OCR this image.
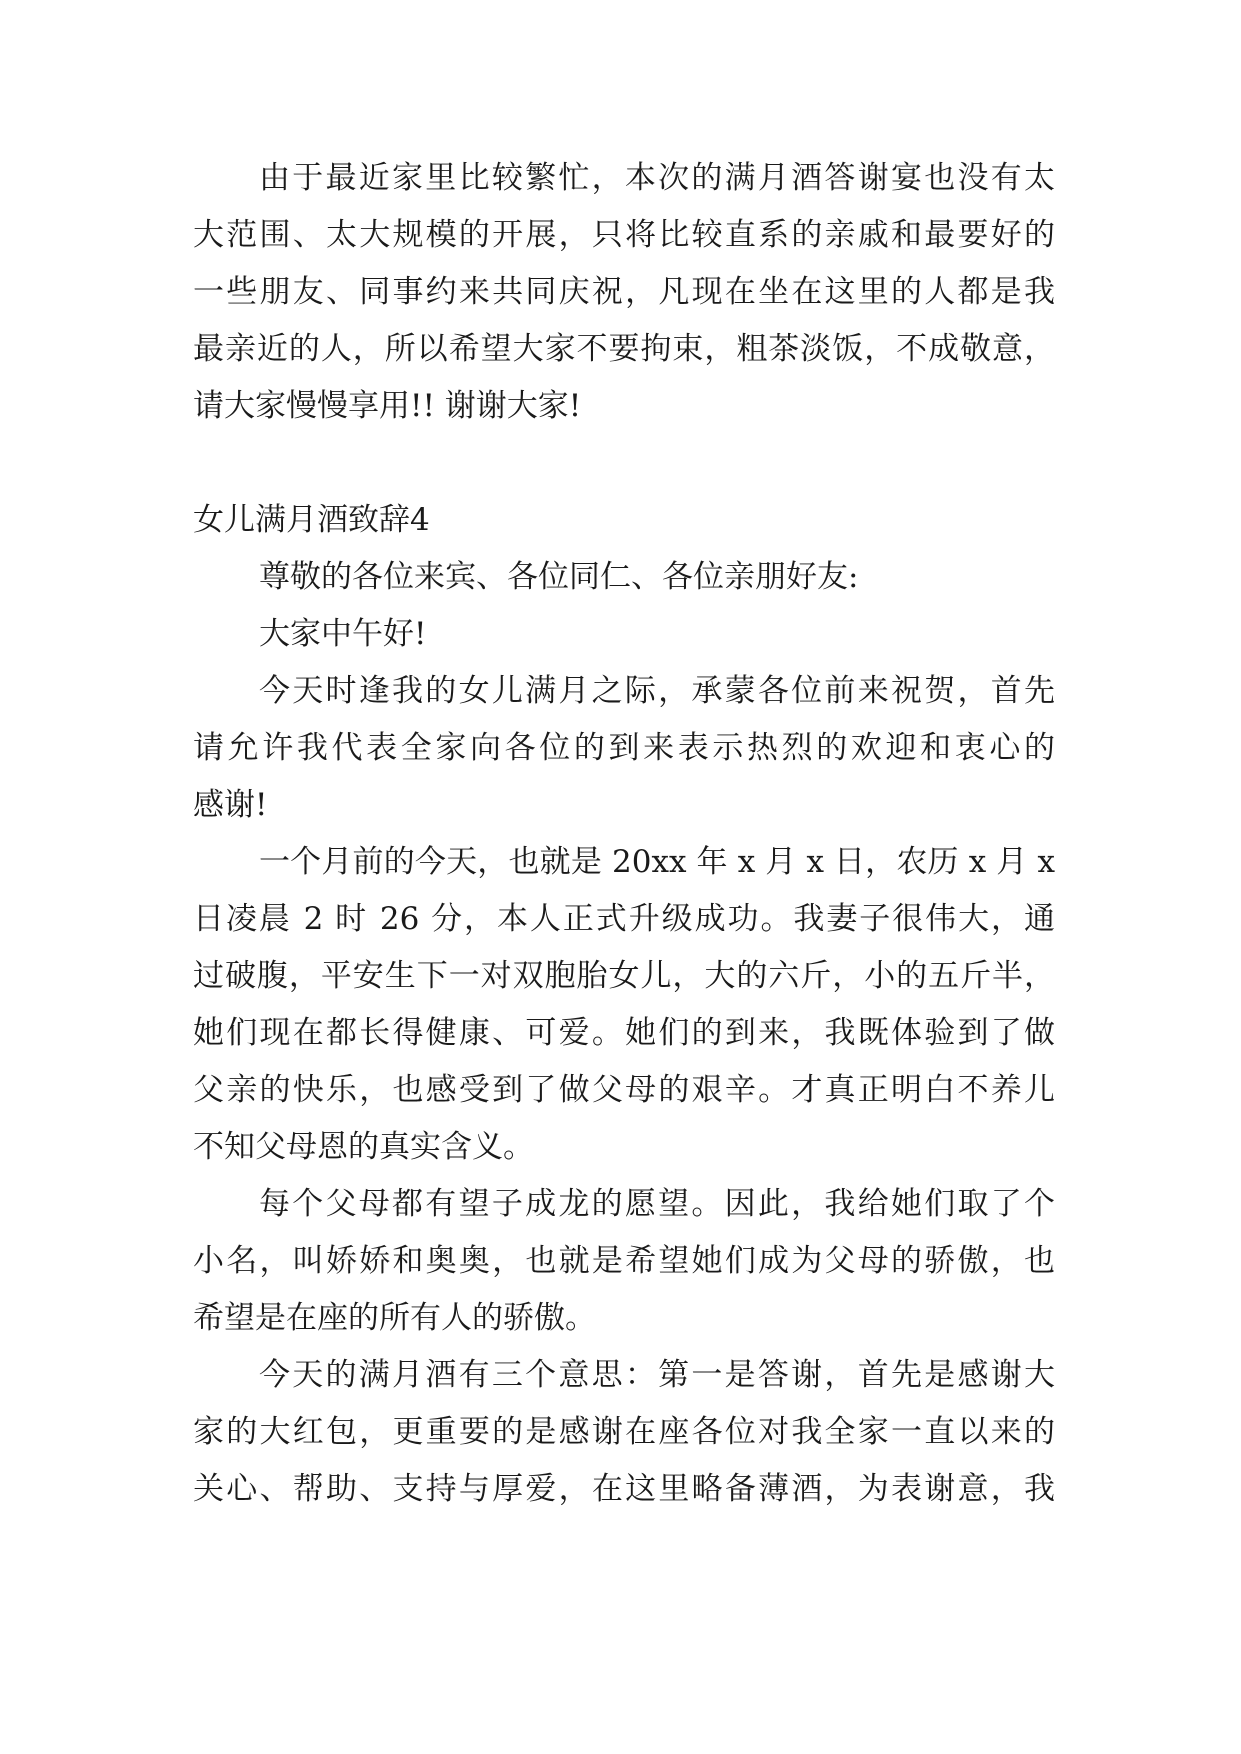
由于最近家里比较繁忙，本次的满月酒答谢宴也没有太
大范围、太大规模的开展，只将比较直系的亲戚和最要好的
一些朋友、同事约来共同庆祝，凡现在坐在这里的人都是我
最亲近的人，所以希望大家不要拘束，粗茶淡饭，不成敬意，
请大家慢慢享用!! 谢谢大家!
女儿满月酒致辞4
尊敬的各位来宾、各位同仁、各位亲朋好友:
大家中午好!
今天时逢我的女儿满月之际，承蒙各位前来祝贺，首先
请允许我代表全家向各位的到来表示热烈的欢迎和衷心的
感谢!
一个月前的今天，也就是 20xx 年 x 月 x 日，农历 x 月 x
日凌晨 2 时 26 分，本人正式升级成功。我妻子很伟大，通
过破腹，平安生下一对双胞胎女儿，大的六斤，小的五斤半，
她们现在都长得健康、可爱。她们的到来，我既体验到了做
父亲的快乐，也感受到了做父母的艰辛。才真正明白不养儿
不知父母恩的真实含义。
每个父母都有望子成龙的愿望。因此，我给她们取了个
小名，叫娇娇和奥奥，也就是希望她们成为父母的骄傲，也
希望是在座的所有人的骄傲。
今天的满月酒有三个意思：第一是答谢，首先是感谢大
家的大红包，更重要的是感谢在座各位对我全家一直以来的
关心、帮助、支持与厚爱，在这里略备薄酒，为表谢意，我
